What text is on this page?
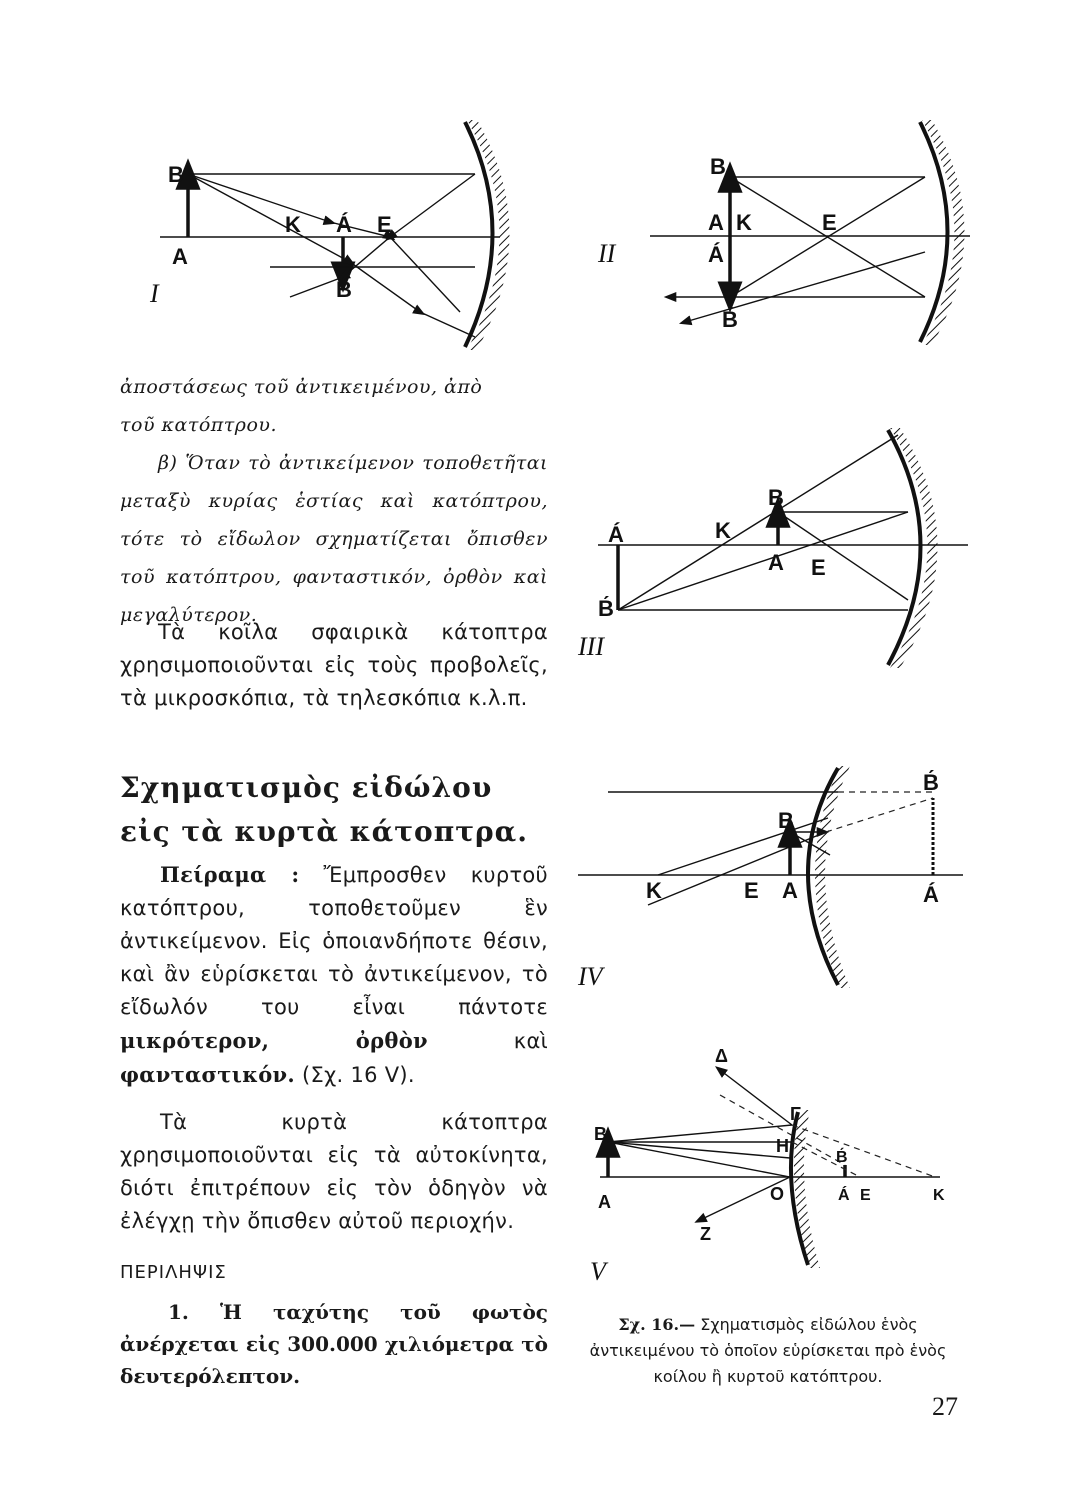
B
A
K Á E
B́
I
B
A K
Á
E
B́
II
Á	K
B
A E
B́
III
B́
B
K	E A	Á
IV
Δ
Γ
B
H
B́
A	O	Á E	K
Z
V
ἀποστάσεως τοῦ ἀντικειμένου, ἀπὸ
τοῦ κατόπτρου.
β) Ὅταν τὸ ἀντικείμενον τοποθετῆται μεταξὺ κυρίας ἑστίας καὶ κατόπτρου, τότε τὸ εἴδωλον σχηματίζεται ὄπισθεν τοῦ κατόπτρου, φανταστικόν, ὀρθὸν καὶ μεγαλύτερον.
Τὰ κοῖλα σφαιρικὰ κάτοπτρα χρησιμοποιοῦνται εἰς τοὺς προβολεῖς, τὰ μικροσκόπια, τὰ τηλεσκόπια κ.λ.π.
Σχηματισμὸς εἰδώλου
εἰς τὰ κυρτὰ κάτοπτρα.
Πείραμα : Ἔμπροσθεν κυρτοῦ κατόπτρου, τοποθετοῦμεν ἓν ἀντικείμενον. Εἰς ὁποιανδήποτε θέσιν, καὶ ἂν εὑρίσκεται τὸ ἀντικείμενον, τὸ εἴδωλόν του εἶναι πάντοτε μικρότερον, ὀρθὸν	καὶ φανταστικόν. (Σχ. 16 V).
Τὰ κυρτὰ κάτοπτρα χρησιμοποιοῦνται εἰς τὰ αὐτοκίνητα, διότι ἐπιτρέπουν εἰς τὸν ὁδηγὸν νὰ ἐλέγχῃ τὴν ὄπισθεν αὐτοῦ περιοχήν.
ΠΕΡΙΛΗΨΙΣ
1. Ἡ ταχύτης τοῦ φωτὸς ἀνέρχεται εἰς 300.000 χιλιόμετρα τὸ δευτερόλεπτον.
Σχ. 16.— Σχηματισμὸς εἰδώλου ἑνὸς ἀντικειμένου τὸ ὁποῖον εὑρίσκεται πρὸ ἑνὸς κοίλου ἢ κυρτοῦ κατόπτρου.
27
